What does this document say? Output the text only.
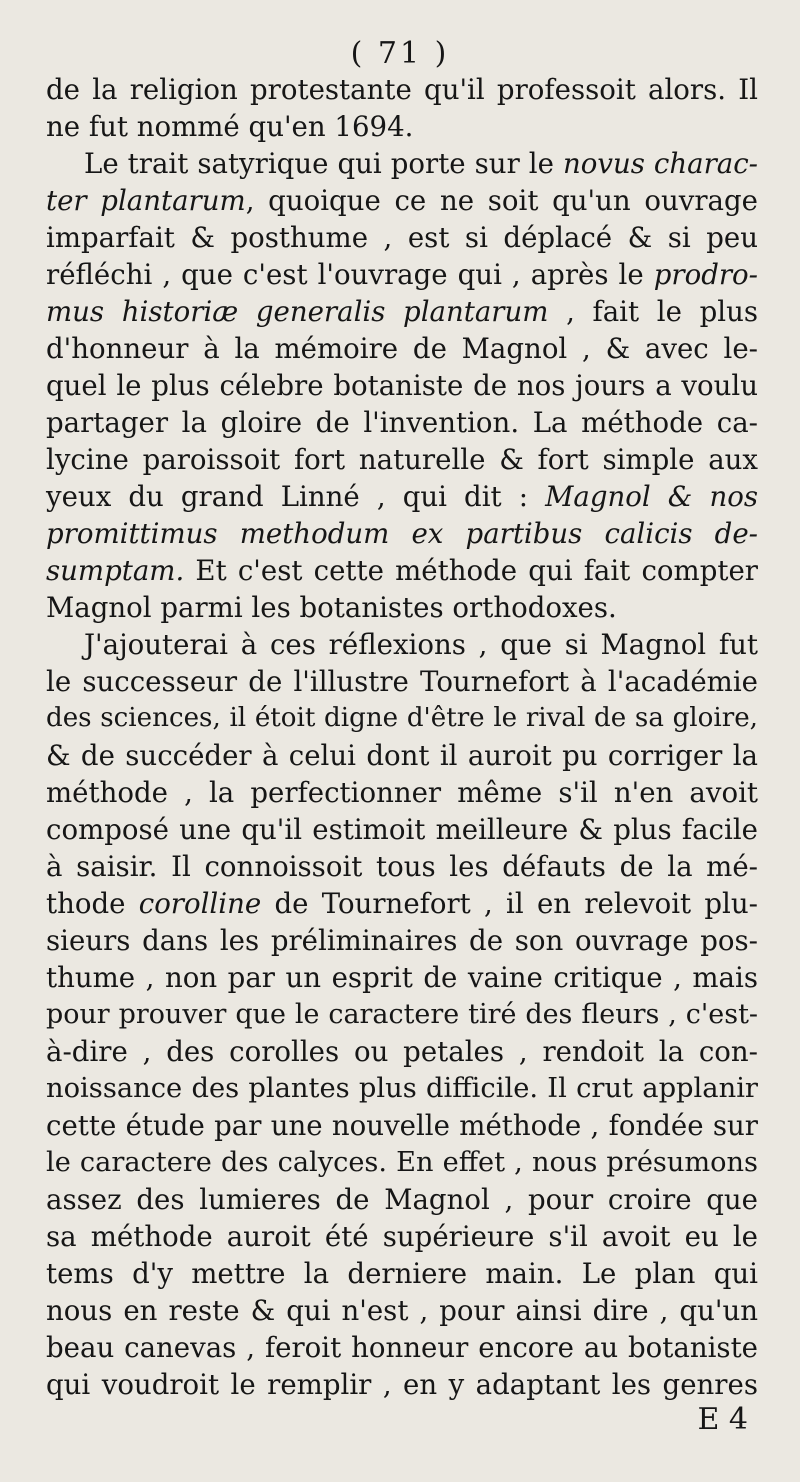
( 71 )
de la religion protestante qu'il professoit alors. Il
ne fut nommé qu'en 1694.
Le trait satyrique qui porte sur le novus charac-
ter plantarum, quoique ce ne soit qu'un ouvrage
imparfait & posthume , est si déplacé & si peu
réfléchi , que c'est l'ouvrage qui , après le prodro-
mus historiæ generalis plantarum , fait le plus
d'honneur à la mémoire de Magnol , & avec le-
quel le plus célebre botaniste de nos jours a voulu
partager la gloire de l'invention. La méthode ca-
lycine paroissoit fort naturelle & fort simple aux
yeux du grand Linné , qui dit : Magnol & nos
promittimus methodum ex partibus calicis de-
sumptam. Et c'est cette méthode qui fait compter
Magnol parmi les botanistes orthodoxes.
J'ajouterai à ces réflexions , que si Magnol fut
le successeur de l'illustre Tournefort à l'académie
des sciences, il étoit digne d'être le rival de sa gloire,
& de succéder à celui dont il auroit pu corriger la
méthode , la perfectionner même s'il n'en avoit
composé une qu'il estimoit meilleure & plus facile
à saisir. Il connoissoit tous les défauts de la mé-
thode corolline de Tournefort , il en relevoit plu-
sieurs dans les préliminaires de son ouvrage pos-
thume , non par un esprit de vaine critique , mais
pour prouver que le caractere tiré des fleurs , c'est-
à-dire , des corolles ou petales , rendoit la con-
noissance des plantes plus difficile. Il crut applanir
cette étude par une nouvelle méthode , fondée sur
le caractere des calyces. En effet , nous présumons
assez des lumieres de Magnol , pour croire que
sa méthode auroit été supérieure s'il avoit eu le
tems d'y mettre la derniere main. Le plan qui
nous en reste & qui n'est , pour ainsi dire , qu'un
beau canevas , feroit honneur encore au botaniste
qui voudroit le remplir , en y adaptant les genres
E 4
